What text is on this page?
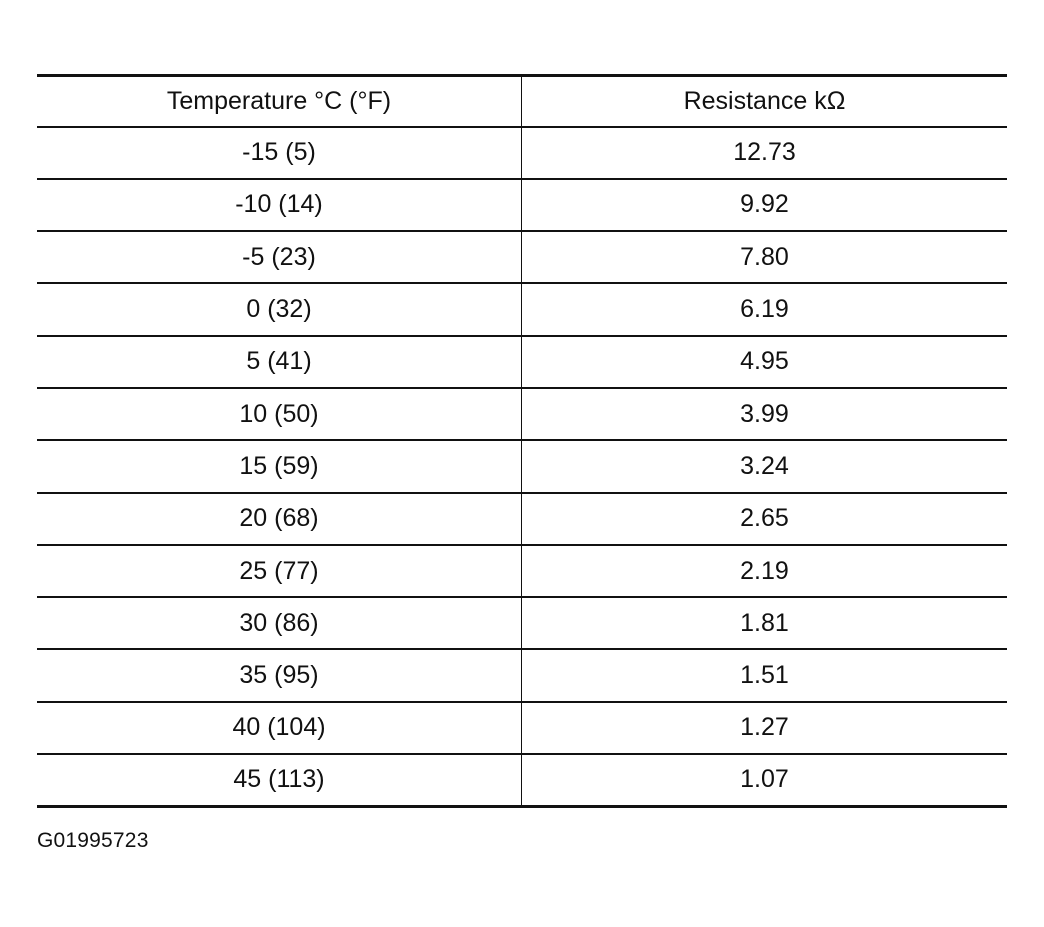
Temperature °C (°F)	Resistance kΩ
-15 (5)	12.73
-10 (14)	9.92
-5 (23)	7.80
0 (32)	6.19
5 (41)	4.95
10 (50)	3.99
15 (59)	3.24
20 (68)	2.65
25 (77)	2.19
30 (86)	1.81
35 (95)	1.51
40 (104)	1.27
45 (113)	1.07
G01995723
